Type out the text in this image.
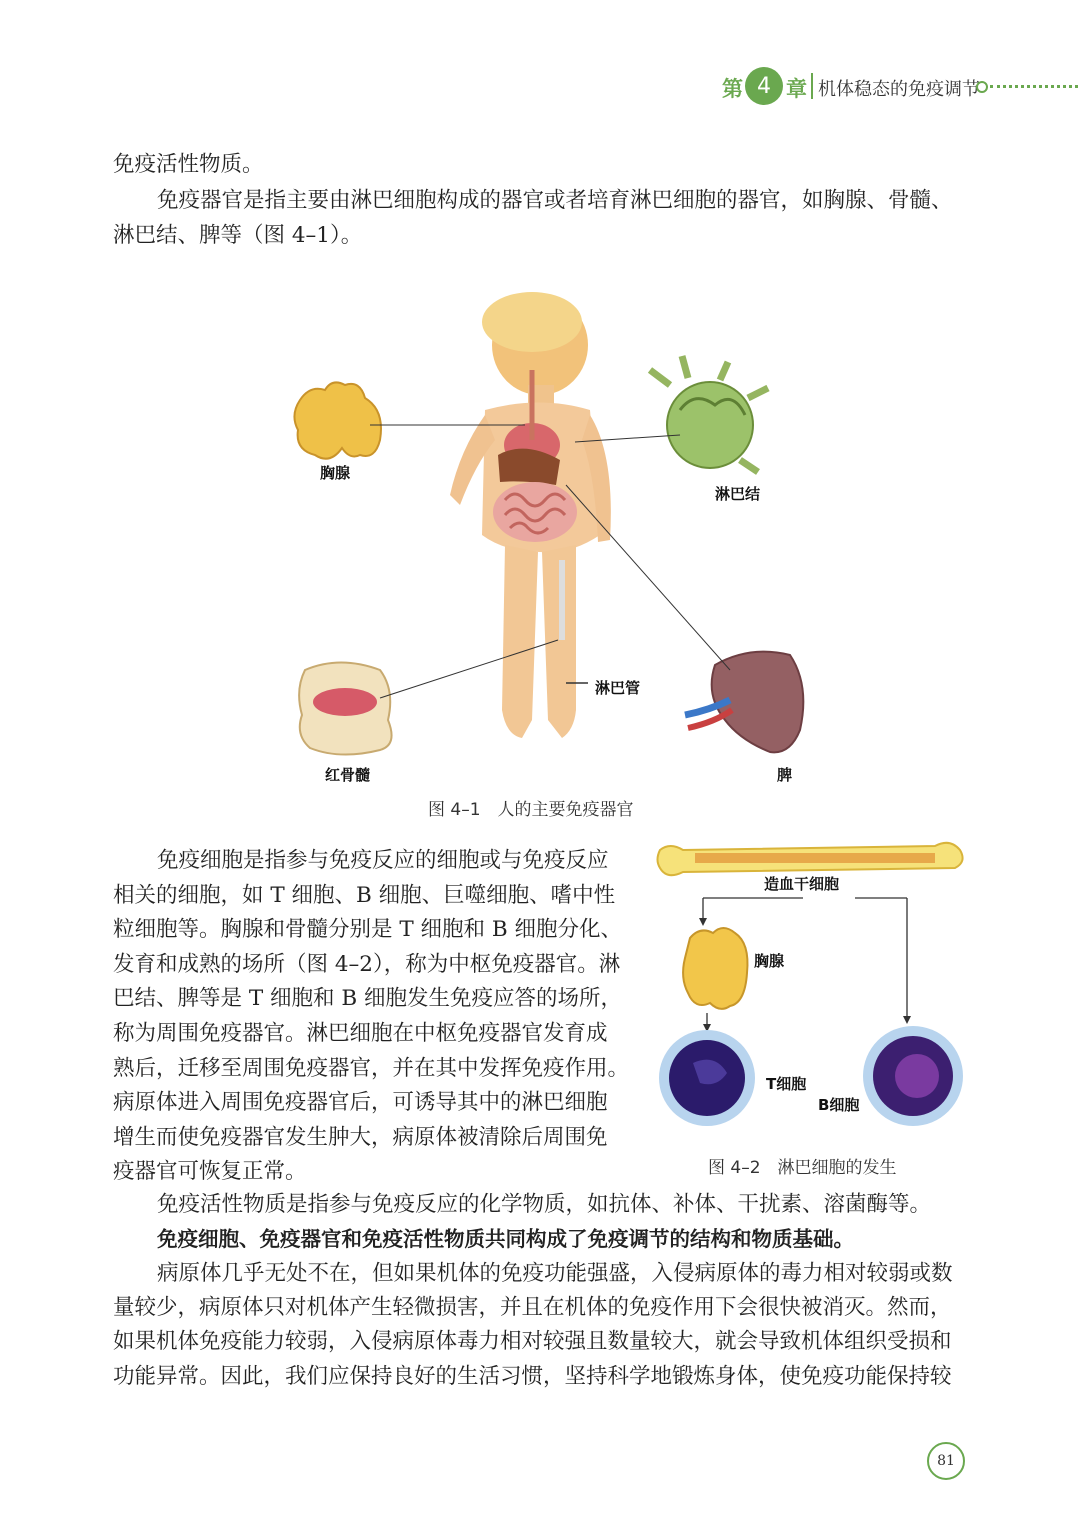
第 4 章 机体稳态的免疫调节
免疫活性物质。
免疫器官是指主要由淋巴细胞构成的器官或者培育淋巴细胞的器官，如胸腺、骨髓、
淋巴结、脾等（图 4–1）。
胸腺
淋巴结
淋巴管
红骨髓	脾
图 4–1　人的主要免疫器官
免疫细胞是指参与免疫反应的细胞或与免疫反应
相关的细胞，如 T 细胞、B 细胞、巨噬细胞、嗜中性
粒细胞等。胸腺和骨髓分别是 T 细胞和 B 细胞分化、
发育和成熟的场所（图 4–2），称为中枢免疫器官。淋
巴结、脾等是 T 细胞和 B 细胞发生免疫应答的场所，
称为周围免疫器官。淋巴细胞在中枢免疫器官发育成
熟后，迁移至周围免疫器官，并在其中发挥免疫作用。
病原体进入周围免疫器官后，可诱导其中的淋巴细胞
增生而使免疫器官发生肿大，病原体被清除后周围免
疫器官可恢复正常。
造血干细胞
胸腺
T细胞
B细胞
图 4–2　淋巴细胞的发生
免疫活性物质是指参与免疫反应的化学物质，如抗体、补体、干扰素、溶菌酶等。
免疫细胞、免疫器官和免疫活性物质共同构成了免疫调节的结构和物质基础。
病原体几乎无处不在，但如果机体的免疫功能强盛，入侵病原体的毒力相对较弱或数
量较少，病原体只对机体产生轻微损害，并且在机体的免疫作用下会很快被消灭。然而，
如果机体免疫能力较弱，入侵病原体毒力相对较强且数量较大，就会导致机体组织受损和
功能异常。因此，我们应保持良好的生活习惯，坚持科学地锻炼身体，使免疫功能保持较
81
